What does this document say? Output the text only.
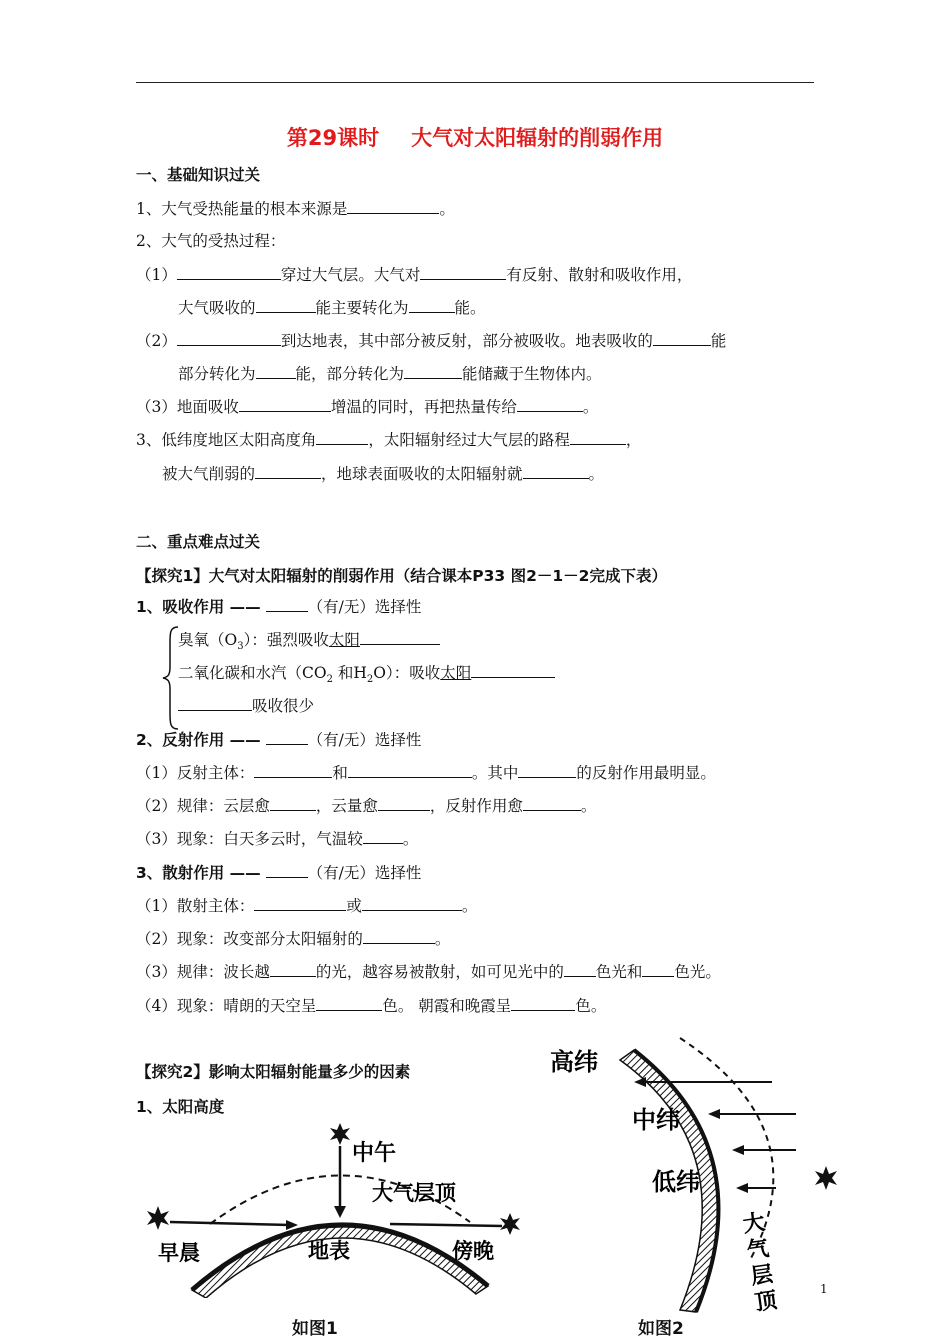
第29课时 大气对太阳辐射的削弱作用
一、基础知识过关
1、大气受热能量的根本来源是	。
2、大气的受热过程：
（1）	穿过大气层。大气对	有反射、散射和吸收作用，
大气吸收的	能主要转化为	能。
（2）	到达地表，其中部分被反射，部分被吸收。地表吸收的	能
部分转化为	能，部分转化为	能储藏于生物体内。
（3）地面吸收	增温的同时，再把热量传给	。
3、低纬度地区太阳高度角	，太阳辐射经过大气层的路程	，
被大气削弱的	，地球表面吸收的太阳辐射就	。
二、重点难点过关
【探究1】大气对太阳辐射的削弱作用（结合课本P33 图2－1－2完成下表）
1、吸收作用 ——	（有/无）选择性
臭氧$(O_3)$：强烈吸收太阳
二氧化碳和水汽（$CO_2$ 和$H_2O$）：吸收太阳
吸收很少
2、反射作用 ——	（有/无）选择性
（1）反射主体：	和	。其中	的反射作用最明显。
（2）规律：云层愈	，云量愈	，反射作用愈	。
（3）现象：白天多云时，气温较	。
3、散射作用 ——	（有/无）选择性
（1）散射主体：	或	。
（2）现象：改变部分太阳辐射的	。
（3）规律：波长越	的光，越容易被散射，如可见光中的 色光和 色光。
（4）现象：晴朗的天空呈	色。 朝霞和晚霞呈	色。
【探究2】影响太阳辐射能量多少的因素
1、太阳高度
中午
大气层顶
早晨	地表	傍晚
高纬
中纬
低纬
大
气
层
顶
如图1	如图2
1
